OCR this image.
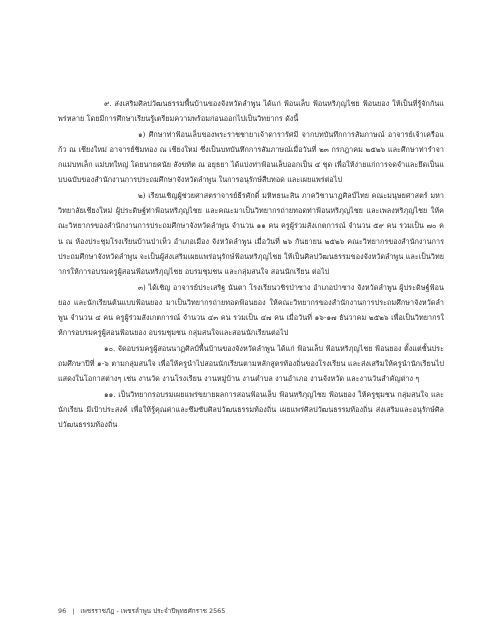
๙. ส่งเสริมศิลปวัฒนธรรมพื้นบ้านของจังหวัดลำพูน ได้แก่ ฟ้อนเล็บ ฟ้อนหริภุญไชย ฟ้อนยอง ให้เป็นที่รู้จักกันแพร่หลาย โดยมีการศึกษาเรียนรู้เตรียมความพร้อมก่อนออกไปเป็นวิทยากร ดังนี้

๑) ศึกษาท่าฟ้อนเล็บของพระราชชายาเจ้าดารารัศมี จากบทบันทึกการสัมภาษณ์ อาจารย์เจ้าเครือแก้ว ณ เชียงใหม่ อาจารย์ชิมทอง ณ เชียงใหม่ ซึ่งเป็นบทบันทึกการสัมภาษณ์เมื่อวันที่ ๒๓ กรกฎาคม ๒๕๒๖ และศึกษาท่ารำจากแม่บทเล็ก แม่บทใหญ่ โดยนายคนัย สังขทัต ณ อยุธยา ได้แบ่งท่าฟ้อนเล็บออกเป็น ๔ ชุด เพื่อให้ง่ายแก่การจดจำและยึดเป็นแบบฉบับของสำนักงานการประถมศึกษาจังหวัดลำพูน ในการอนุรักษ์สืบทอด และเผยแพร่ต่อไป

๒) เรียนเชิญผู้ช่วยศาสตราจารย์ธีรศักดิ์ มหิทธนะสิน ภาควิชานาฏศิลป์ไทย คณะมนุษยศาสตร์ มหาวิทยาลัยเชียงใหม่ ผู้ประดิษฐ์ท่าฟ้อนหริภุญไชย และคณะมาเป็นวิทยากรถ่ายทอดท่าฟ้อนหริภุญไชย และเพลงหริภุญไชย ให้คณะวิทยากรของสำนักงานการประถมศึกษาจังหวัดลำพูน จำนวน ๑๑ คน ครูผู้ร่วมสังเกตการณ์ จำนวน ๕๙ คน รวมเป็น ๗๐ คน ณ ห้องประชุมโรงเรียนบ้านป่าเห็ว อำเภอเมือง จังหวัดลำพูน เมื่อวันที่ ๒๖ กันยายน ๒๕๒๖ คณะวิทยากรของสำนักงานการประถมศึกษาจังหวัดลำพูน จะเป็นผู้ส่งเสริมเผยแพร่อนุรักษ์ฟ้อนหริภุญไชย ให้เป็นศิลปวัฒนธรรมของจังหวัดลำพูน และเป็นวิทยากรให้การอบรมครูผู้สอนฟ้อนหริภุญไชย อบรมชุมชน และกลุ่มสนใจ สอนนักเรียน ต่อไป

๓) ได้เชิญ อาจารย์ประเสริฐ นันตา โรงเรียนวชิรป่าซาง อำเภอป่าซาง จังหวัดลำพูน ผู้ประดิษฐ์ฟ้อนยอง และนักเรียนต้นแบบฟ้อนยอง มาเป็นวิทยากรถ่ายทอดฟ้อนยอง ให้คณะวิทยากรของสำนักงานการประถมศึกษาจังหวัดลำพูน จำนวน ๔ คน ครูผู้ร่วมสังเกตการณ์ จำนวน ๔๓ คน รวมเป็น ๔๗ คน เมื่อวันที่ ๑๖-๑๗ ธันวาคม ๒๕๒๖ เพื่อเป็นวิทยากรให้การอบรมครูผู้สอนฟ้อนยอง อบรมชุมชน กลุ่มสนใจและสอนนักเรียนต่อไป

๑๐. จัดอบรมครูผู้สอนนาฏศิลป์พื้นบ้านของจังหวัดลำพูน ได้แก่ ฟ้อนเล็บ ฟ้อนหริภุญไชย ฟ้อนยอง ตั้งแต่ชั้นประถมศึกษาปีที่ ๑-๖ ตามกลุ่มสนใจ เพื่อให้ครูนำไปสอนนักเรียนตามหลักสูตรท้องถิ่นของโรงเรียน และส่งเสริมให้ครูนำนักเรียนไปแสดงในโอกาสต่างๆ เช่น งานวัด งานโรงเรียน งานหมู่บ้าน งานตำบล งานอำเภอ งานจังหวัด และงานวันสำคัญต่าง ๆ

๑๑. เป็นวิทยากรอบรมเผยแพร่ขยายผลการสอนฟ้อนเล็บ ฟ้อนหริภุญไชย ฟ้อนยอง ให้ครูชุมชน กลุ่มสนใจ และนักเรียน มีเป้าประสงค์ เพื่อให้รู้คุณค่าและซึมซับศิลปวัฒนธรรมท้องถิ่น เผยแพร่ศิลปวัฒนธรรมท้องถิ่น ส่งเสริมและอนุรักษ์ศิลปวัฒนธรรมท้องถิ่น

96 | เพชรราชภัฏ - เพชรลำพูน ประจำปีพุทธศักราช 2565
